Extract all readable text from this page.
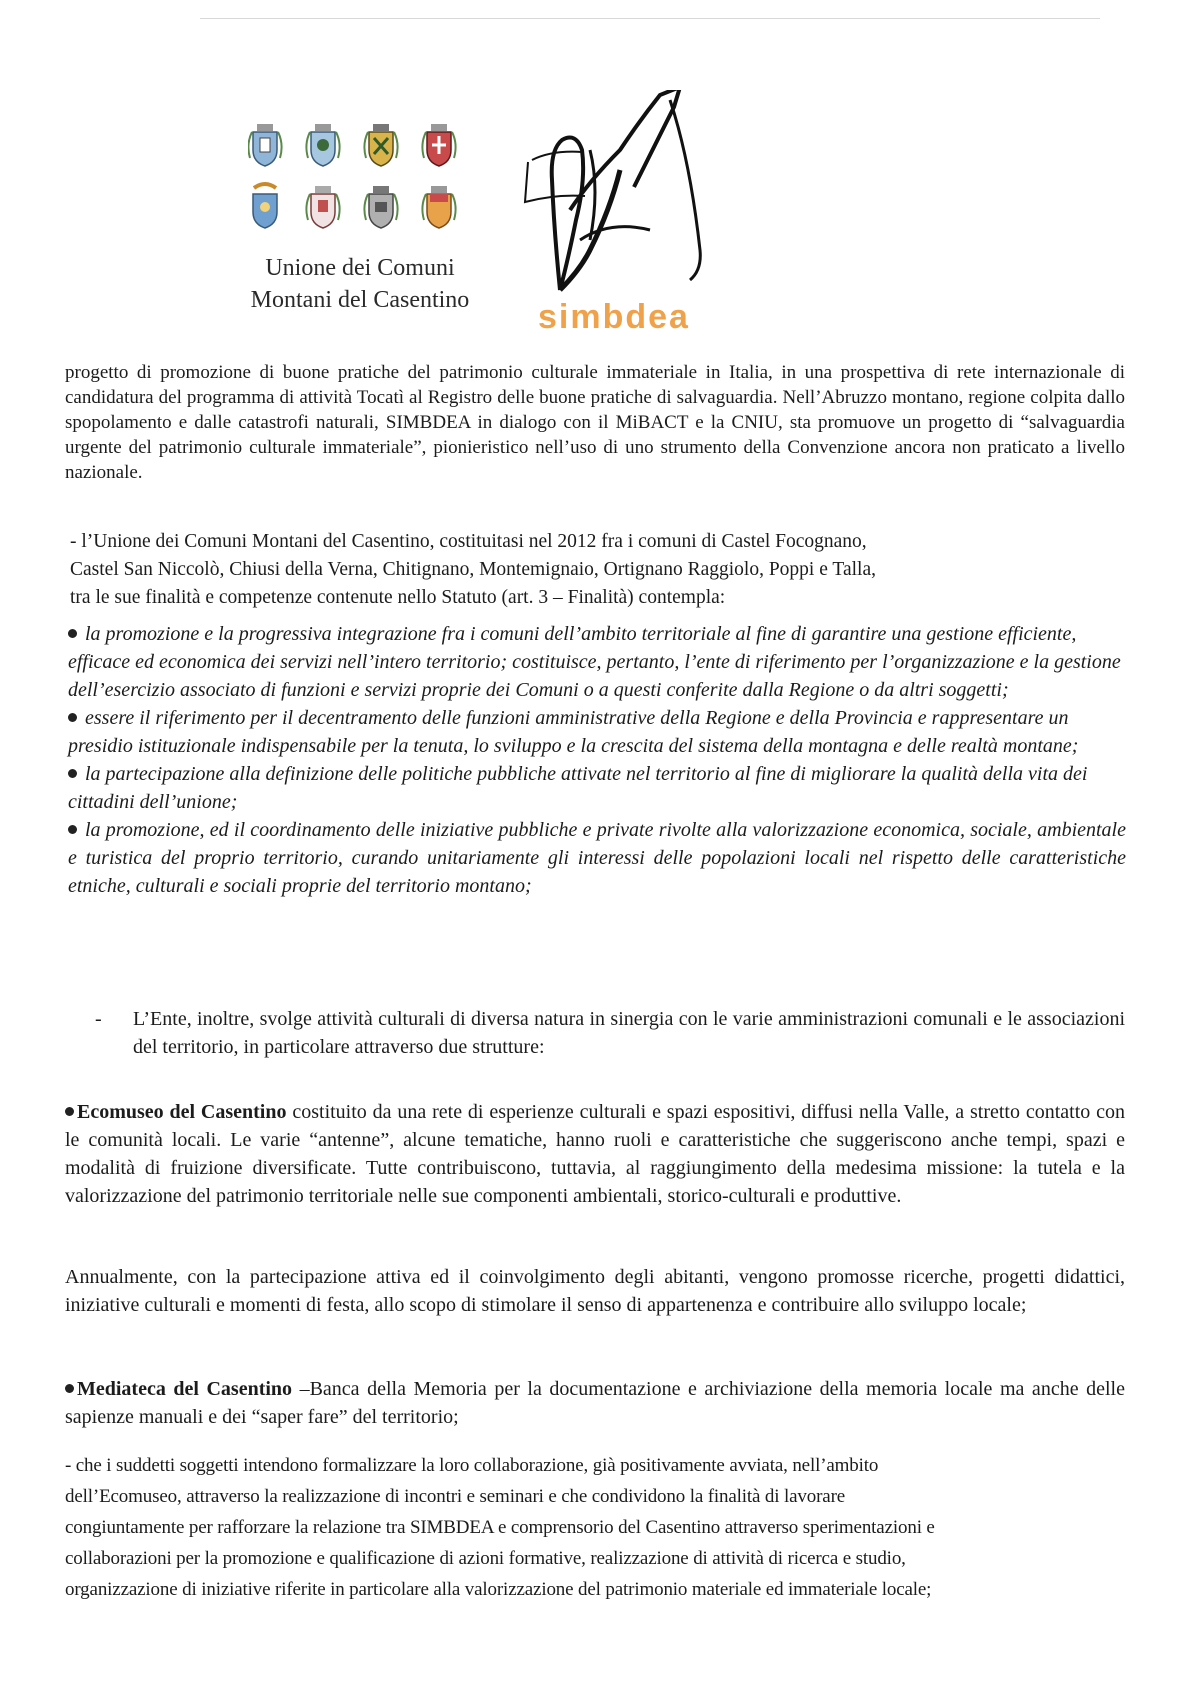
Unione dei Comuni
Montani del Casentino	simbdea
progetto di promozione di buone pratiche del patrimonio culturale immateriale in Italia, in una prospettiva di rete internazionale di candidatura del programma di attività Tocatì al Registro delle buone pratiche di salvaguardia. Nell’Abruzzo montano, regione colpita dallo spopolamento e dalle catastrofi naturali, SIMBDEA in dialogo con il MiBACT e la CNIU, sta promuove un progetto di “salvaguardia urgente del patrimonio culturale immateriale”, pionieristico nell’uso di uno strumento della Convenzione ancora non praticato a livello nazionale.
- l’Unione dei Comuni Montani del Casentino, costituitasi nel 2012 fra i comuni di Castel Focognano,
Castel San Niccolò, Chiusi della Verna, Chitignano, Montemignaio, Ortignano Raggiolo, Poppi e Talla,
tra le sue finalità e competenze contenute nello Statuto (art. 3 – Finalità) contempla:
la promozione e la progressiva integrazione fra i comuni dell’ambito territoriale al fine di garantire una gestione efficiente, efficace ed economica dei servizi nell’intero territorio; costituisce, pertanto, l’ente di riferimento per l’organizzazione e la gestione dell’esercizio associato di funzioni e servizi proprie dei Comuni o a questi conferite dalla Regione o da altri soggetti;
essere il riferimento per il decentramento delle funzioni amministrative della Regione e della Provincia e rappresentare un presidio istituzionale indispensabile per la tenuta, lo sviluppo e la crescita del sistema della montagna e delle realtà montane;
la partecipazione alla definizione delle politiche pubbliche attivate nel territorio al fine di migliorare la qualità della vita dei cittadini dell’unione;
la promozione, ed il coordinamento delle iniziative pubbliche e private rivolte alla valorizzazione economica, sociale, ambientale e turistica del proprio territorio, curando unitariamente gli interessi delle popolazioni locali nel rispetto delle caratteristiche etniche, culturali e sociali proprie del territorio montano;
- L’Ente, inoltre, svolge attività culturali di diversa natura in sinergia con le varie amministrazioni comunali e le associazioni del territorio, in particolare attraverso due strutture:
Ecomuseo del Casentino costituito da una rete di esperienze culturali e spazi espositivi, diffusi nella Valle, a stretto contatto con le comunità locali. Le varie “antenne”, alcune tematiche, hanno ruoli e caratteristiche che suggeriscono anche tempi, spazi e modalità di fruizione diversificate. Tutte contribuiscono, tuttavia, al raggiungimento della medesima missione: la tutela e la valorizzazione del patrimonio territoriale nelle sue componenti ambientali, storico-culturali e produttive.
Annualmente, con la partecipazione attiva ed il coinvolgimento degli abitanti, vengono promosse ricerche, progetti didattici, iniziative culturali e momenti di festa, allo scopo di stimolare il senso di appartenenza e contribuire allo sviluppo locale;
Mediateca del Casentino –Banca della Memoria per la documentazione e archiviazione della memoria locale ma anche delle sapienze manuali e dei “saper fare” del territorio;
- che i suddetti soggetti intendono formalizzare la loro collaborazione, già positivamente avviata, nell’ambito
dell’Ecomuseo, attraverso la realizzazione di incontri e seminari e che condividono la finalità di lavorare
congiuntamente per rafforzare la relazione tra SIMBDEA e comprensorio del Casentino attraverso sperimentazioni e
collaborazioni per la promozione e qualificazione di azioni formative, realizzazione di attività di ricerca e studio,
organizzazione di iniziative riferite in particolare alla valorizzazione del patrimonio materiale ed immateriale locale;
